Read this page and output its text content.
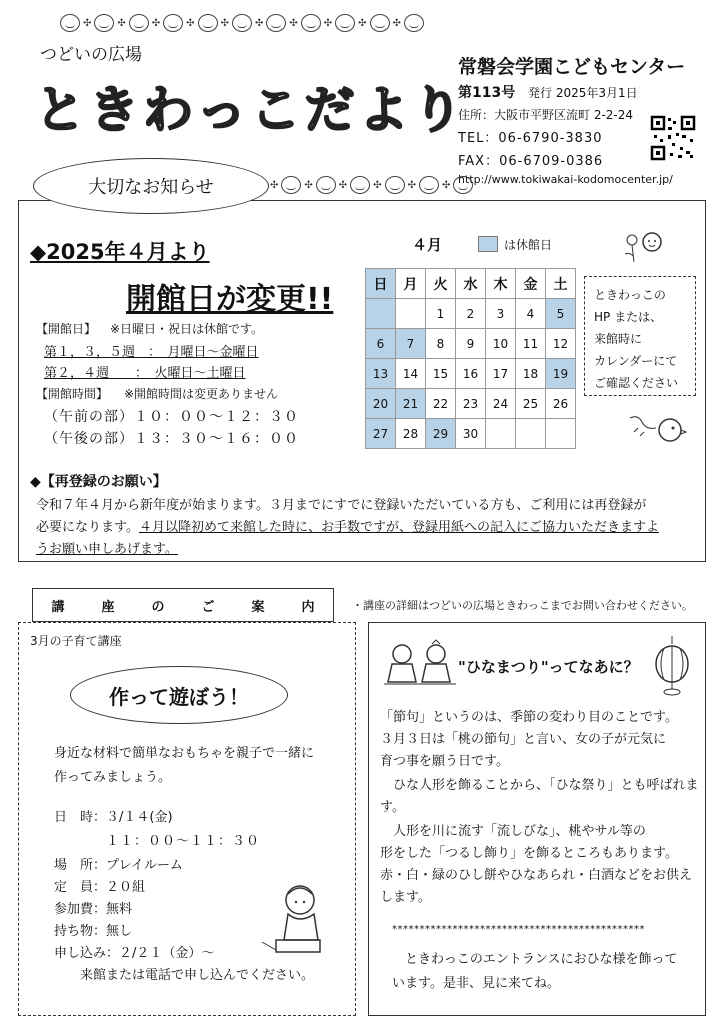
✣	✣	✣	✣	✣	✣	✣	✣	✣	✣
つどいの広場
ときわっこだより
常磐会学園こどもセンター
第113号 発行 2025年3月1日
住所：大阪市平野区流町 2-2-24
TEL：06-6790-3830
FAX：06-6709-0386
http://www.tokiwakai-kodomocenter.jp/
大切なお知らせ	✣	✣	✣	✣	✣	✣
◆2025年４月より
開館日が変更!!
【開館日】 ※日曜日・祝日は休館です。
第１，３，５週　：　月曜日～金曜日
第２，４週　　：　火曜日～土曜日
【開館時間】 ※開館時間は変更ありません
（午前の部）１０：００～１２：３０
（午後の部）１３：３０～１６：００
４月	は休館日
日	月	火	水	木	金	土
		1	2	3	4	5
6	7	8	9	10	11	12
13	14	15	16	17	18	19
20	21	22	23	24	25	26
27	28	29	30			
ときわっこの
HP または、
来館時に
カレンダーにて
ご確認ください
◆【再登録のお願い】
令和７年４月から新年度が始まります。３月までにすでに登録いただいている方も、ご利用には再登録が
必要になります。４月以降初めて来館した時に、お手数ですが、登録用紙への記入にご協力いただきますよ
うお願い申しあげます。
講	座	の	ご	案	内	・講座の詳細はつどいの広場ときわっこまでお問い合わせください。
3月の子育て講座
作って遊ぼう！
身近な材料で簡単なおもちゃを親子で一緒に
作ってみましょう。
日　時：３/１４(金)
１１：００～１１：３０
場　所：プレイルーム
定　員：２０組
参加費：無料
持ち物：無し
申し込み：２/２１（金）～
来館または電話で申し込んでください。
"ひなまつり"ってなあに？
「節句」というのは、季節の変わり目のことです。
３月３日は「桃の節句」と言い、女の子が元気に
育つ事を願う日です。
　ひな人形を飾ることから、「ひな祭り」とも呼ばれま
す。
　人形を川に流す「流しびな」、桃やサル等の
形をした「つるし飾り」を飾るところもあります。
赤・白・緑のひし餅やひなあられ・白酒などをお供え
します。
**********************************************
　ときわっこのエントランスにおひな様を飾って
います。是非、見に来てね。
